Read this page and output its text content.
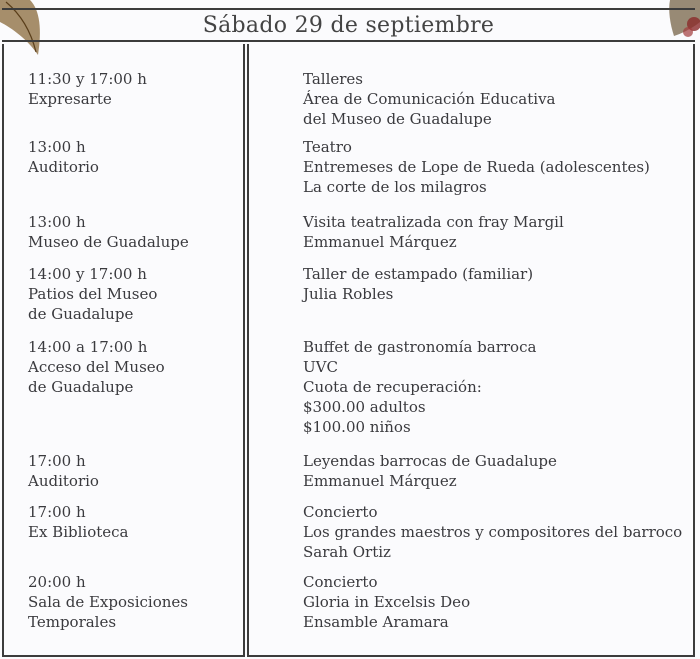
Sábado 29 de septiembre
11:30 y 17:00 h
Expresarte
Talleres
Área de Comunicación Educativa
del Museo de Guadalupe
13:00 h
Auditorio
Teatro
Entremeses de Lope de Rueda (adolescentes)
La corte de los milagros
13:00 h
Museo de Guadalupe
Visita teatralizada con fray Margil
Emmanuel Márquez
14:00 y 17:00 h
Patios del Museo
de Guadalupe
Taller de estampado (familiar)
Julia Robles
14:00 a 17:00 h
Acceso del Museo
de Guadalupe
Buffet de gastronomía barroca
UVC
Cuota de recuperación:
$300.00 adultos
$100.00 niños
17:00 h
Auditorio
Leyendas barrocas de Guadalupe
Emmanuel Márquez
17:00 h
Ex Biblioteca
Concierto
Los grandes maestros y compositores del barroco
Sarah Ortiz
20:00 h
Sala de Exposiciones
Temporales
Concierto
Gloria in Excelsis Deo
Ensamble Aramara
